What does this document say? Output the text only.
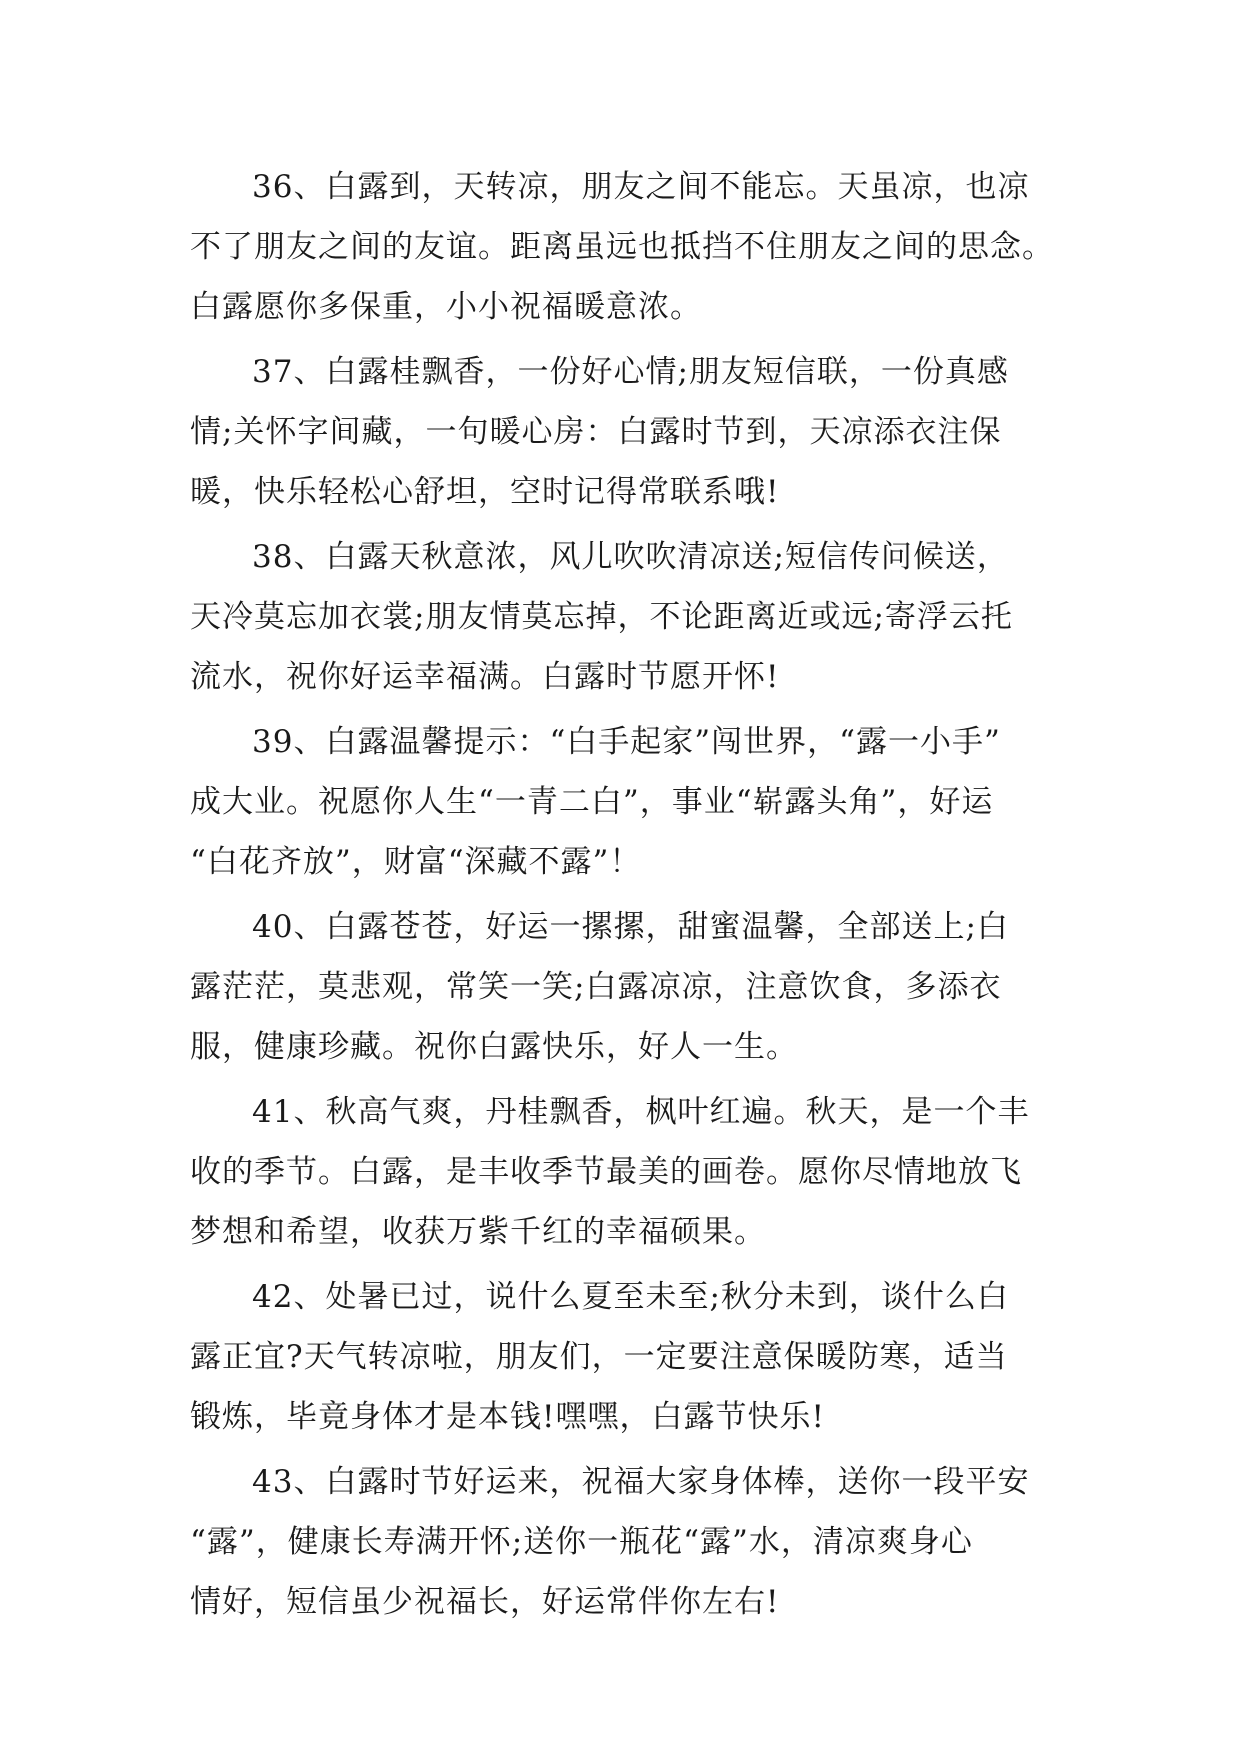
36、白露到，天转凉，朋友之间不能忘。天虽凉，也凉
不了朋友之间的友谊。距离虽远也抵挡不住朋友之间的思念。
白露愿你多保重，小小祝福暖意浓。
37、白露桂飘香，一份好心情;朋友短信联，一份真感
情;关怀字间藏，一句暖心房：白露时节到，天凉添衣注保
暖，快乐轻松心舒坦，空时记得常联系哦!
38、白露天秋意浓，风儿吹吹清凉送;短信传问候送，
天冷莫忘加衣裳;朋友情莫忘掉，不论距离近或远;寄浮云托
流水，祝你好运幸福满。白露时节愿开怀!
39、白露温馨提示：“白手起家”闯世界，“露一小手”
成大业。祝愿你人生“一青二白”，事业“崭露头角”，好运
“白花齐放”，财富“深藏不露”！
40、白露苍苍，好运一摞摞，甜蜜温馨，全部送上;白
露茫茫，莫悲观，常笑一笑;白露凉凉，注意饮食，多添衣
服，健康珍藏。祝你白露快乐，好人一生。
41、秋高气爽，丹桂飘香，枫叶红遍。秋天，是一个丰
收的季节。白露，是丰收季节最美的画卷。愿你尽情地放飞
梦想和希望，收获万紫千红的幸福硕果。
42、处暑已过，说什么夏至未至;秋分未到，谈什么白
露正宜?天气转凉啦，朋友们，一定要注意保暖防寒，适当
锻炼，毕竟身体才是本钱!嘿嘿，白露节快乐!
43、白露时节好运来，祝福大家身体棒，送你一段平安
“露”，健康长寿满开怀;送你一瓶花“露”水，清凉爽身心
情好，短信虽少祝福长，好运常伴你左右!
